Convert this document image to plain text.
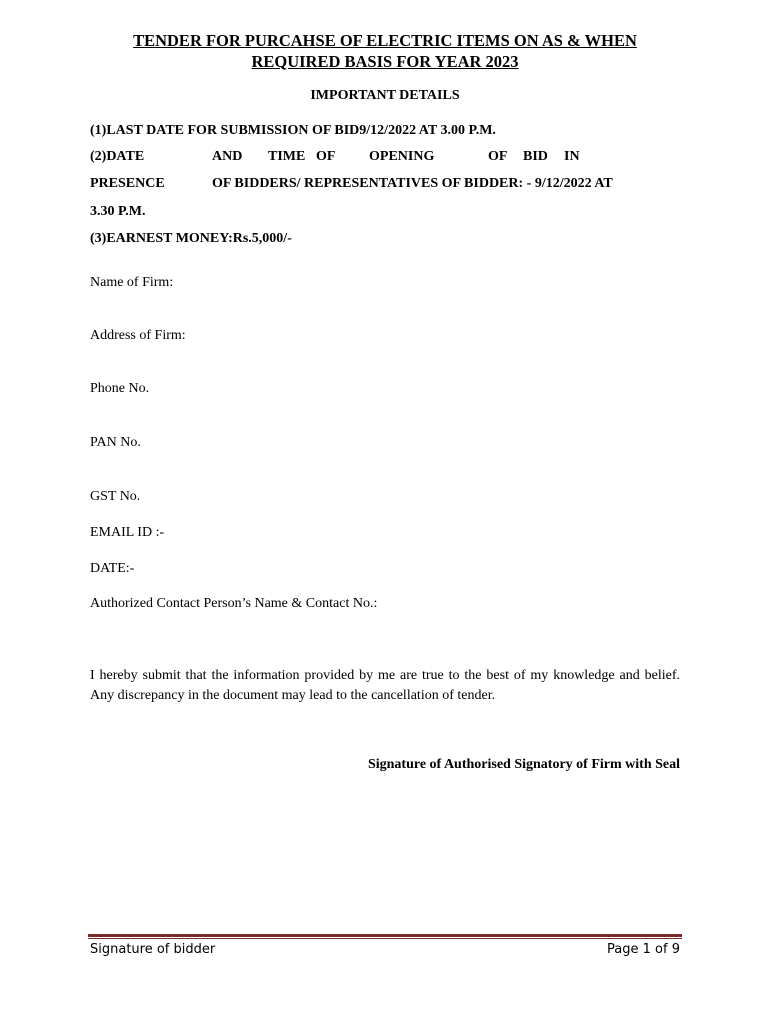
TENDER FOR PURCAHSE OF ELECTRIC ITEMS ON AS & WHEN
REQUIRED BASIS FOR YEAR 2023
IMPORTANT DETAILS
(1)LAST DATE FOR SUBMISSION OF BID9/12/2022 AT 3.00 P.M.
(2)DATE	AND TIME OF OPENING	OF BID IN
PRESENCE	OF BIDDERS/ REPRESENTATIVES OF BIDDER: - 9/12/2022 AT
3.30 P.M.
(3)EARNEST MONEY:Rs.5,000/-
Name of Firm:
Address of Firm:
Phone No.
PAN No.
GST No.
EMAIL ID :-
DATE:-
Authorized Contact Person’s Name & Contact No.:
I hereby submit that the information provided by me are true to the best of my knowledge and belief. Any discrepancy in the document may lead to the cancellation of tender.
Signature of Authorised Signatory of Firm with Seal
Signature of bidder	Page 1 of 9
